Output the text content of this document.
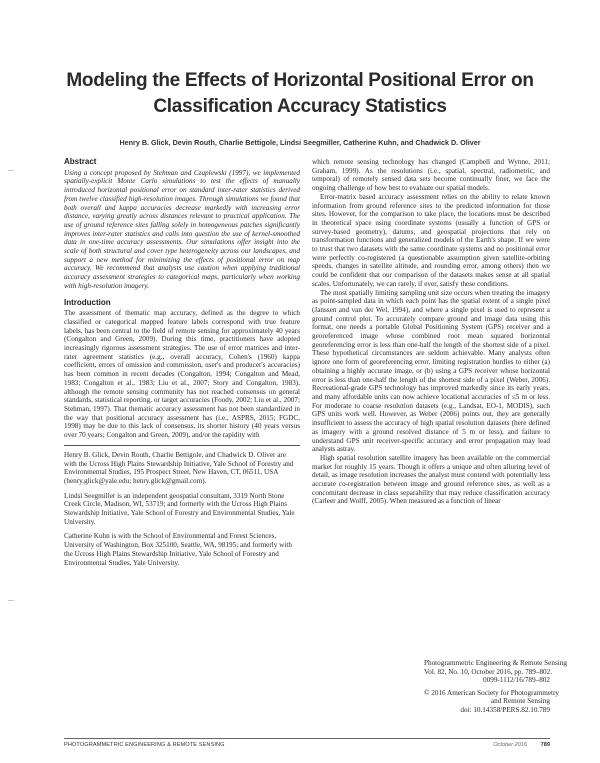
—
—
Modeling the Effects of Horizontal Positional Error on Classification Accuracy Statistics
Henry B. Glick, Devin Routh, Charlie Bettigole, Lindsi Seegmiller, Catherine Kuhn, and Chadwick D. Oliver
Abstract

Using a concept proposed by Stehman and Czaplewski (1997), we implemented spatially-explicit Monte Carlo simulations to test the effects of manually introduced horizontal positional error on standard inter-rater statistics derived from twelve classified high-resolution images. Through simulations we found that both overall and kappa accuracies decrease markedly with increasing error distance, varying greatly across distances relevant to practical application. The use of ground reference sites falling solely in homogeneous patches significantly improves inter-rater statistics and calls into question the use of kernel-smoothed data in one-time accuracy assessments. Our simulations offer insight into the scale of both structural and cover type heterogeneity across our landscapes, and support a new method for minimizing the effects of positional error on map accuracy. We recommend that analysts use caution when applying traditional accuracy assessment strategies to categorical maps, particularly when working with high-resolution imagery.

Introduction

The assessment of thematic map accuracy, defined as the degree to which classified or categorical mapped feature labels correspond with true feature labels, has been central to the field of remote sensing for approximately 40 years (Congalton and Green, 2009). During this time, practitioners have adopted increasingly rigorous assessment strategies. The use of error matrices and inter-rater agreement statistics (e.g., overall accuracy, Cohen's (1960) kappa coefficient, errors of omission and commission, user's and producer's accuracies) has been common in recent decades (Congalton, 1994; Congalton and Mead, 1983; Congalton et al., 1983; Liu et al., 2007; Story and Congalton, 1983), although the remote sensing community has not reached consensus on general standards, statistical reporting, or target accuracies (Foody, 2002; Liu et al., 2007; Stehman, 1997). That thematic accuracy assessment has not been standardized in the way that positional accuracy assessment has (i.e., ASPRS, 2015; FGDC, 1998) may be due to this lack of consensus, its shorter history (40 years versus over 70 years; Congalton and Green, 2009), and/or the rapidity with

Henry B. Glick, Devin Routh, Charlie Bettigole, and Chadwick D. Oliver are with the Ucross High Plains Stewardship Initiative, Yale School of Forestry and Environmental Studies, 195 Prospect Street, New Haven, CT, 06511, USA (henry.glick@yale.edu; henry.glick@gmail.com).

Lindsi Seegmiller is an independent geospatial consultant, 3319 North Stone Creek Circle, Madison, WI, 53719; and formerly with the Ucross High Plains Stewardship Initiative, Yale School of Forestry and Environmental Studies, Yale University.

Catherine Kuhn is with the School of Environmental and Forest Sciences, University of Washington, Box 325100, Seattle, WA, 98195; and formerly with the Ucross High Plains Stewardship Initiative, Yale School of Forestry and Environmental Studies, Yale University.

which remote sensing technology has changed (Campbell and Wynne, 2011; Graham, 1999). As the resolutions (i.e., spatial, spectral, radiometric, and temporal) of remotely sensed data sets become continually finer, we face the ongoing challenge of how best to evaluate our spatial models.

Error-matrix based accuracy assessment relies on the ability to relate known information from ground reference sites to the predicted information for those sites. However, for the comparison to take place, the locations must be described in theoretical space using coordinate systems (usually a function of GPS or survey-based geometry), datums, and geospatial projections that rely on transformation functions and generalized models of the Earth's shape. If we were to trust that two datasets with the same coordinate systems and no positional error were perfectly co-registered (a questionable assumption given satellite-orbiting speeds, changes in satellite altitude, and rounding error, among others) then we could be confident that our comparison of the datasets makes sense at all spatial scales. Unfortunately, we can rarely, if ever, satisfy these conditions.

The most spatially limiting sampling unit size occurs when treating the imagery as point-sampled data in which each point has the spatial extent of a single pixel (Janssen and van der Wel, 1994), and where a single pixel is used to represent a ground control plot. To accurately compare ground and image data using this format, one needs a portable Global Positioning System (GPS) receiver and a georeferenced image whose combined root mean squared horizontal georeferencing error is less than one-half the length of the shortest side of a pixel. These hypothetical circumstances are seldom achievable. Many analysts often ignore one form of georeferencing error, limiting registration hurdles to either (a) obtaining a highly accurate image, or (b) using a GPS receiver whose horizontal error is less than one-half the length of the shortest side of a pixel (Weber, 2006). Recreational-grade GPS technology has improved markedly since its early years, and many affordable units can now achieve locational accuracies of ≤5 m or less. For moderate to coarse resolution datasets (e.g., Landsat, EO-1, MODIS), such GPS units work well. However, as Weber (2006) points out, they are generally insufficient to assess the accuracy of high spatial resolution datasets (here defined as imagery with a ground resolved distance of 5 m or less), and failure to understand GPS unit receiver-specific accuracy and error propagation may lead analysts astray.

High spatial resolution satellite imagery has been available on the commercial market for roughly 15 years. Though it offers a unique and often alluring level of detail, as image resolution increases the analyst must contend with potentially less accurate co-registration between image and ground reference sites, as well as a concomitant decrease in class separability that may reduce classification accuracy (Carleer and Wolff, 2005). When measured as a function of linear

Photogrammetric Engineering & Remote Sensing
Vol. 82, No. 10, October 2016, pp. 789–802.
0099-1112/16/789–802
© 2016 American Society for Photogrammetry
and Remote Sensing
doi: 10.14358/PERS.82.10.789
PHOTOGRAMMETRIC ENGINEERING & REMOTE SENSING	October 2016 789
